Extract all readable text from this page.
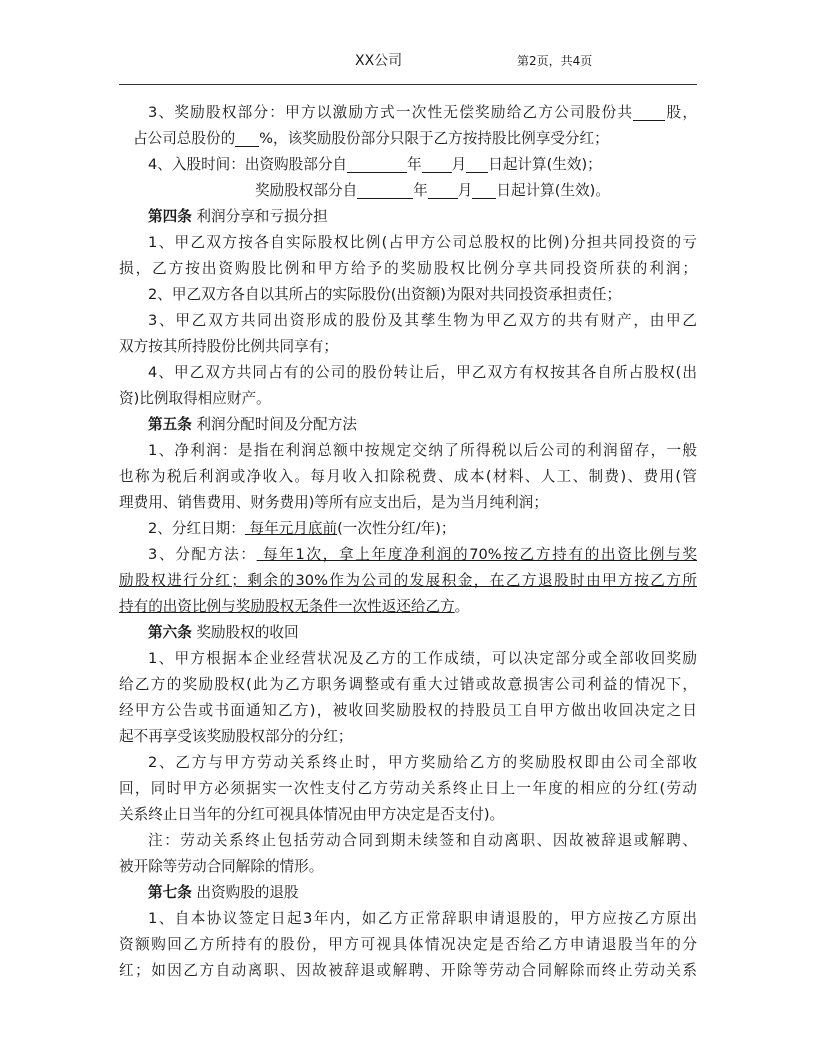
XX公司	第2页，共4页
3、奖励股权部分：甲方以激励方式一次性无偿奖励给乙方公司股份共 股，
占公司总股份的 %，该奖励股份部分只限于乙方按持股比例享受分红；
4、入股时间：出资购股部分自	年 月 日起计算(生效)；
奖励股权部分自	年 月 日起计算(生效)。
第四条 利润分享和亏损分担
1、甲乙双方按各自实际股权比例(占甲方公司总股权的比例)分担共同投资的亏
损，乙方按出资购股比例和甲方给予的奖励股权比例分享共同投资所获的利润；
2、甲乙双方各自以其所占的实际股份(出资额)为限对共同投资承担责任；
3、甲乙双方共同出资形成的股份及其孳生物为甲乙双方的共有财产，由甲乙
双方按其所持股份比例共同享有；
4、甲乙双方共同占有的公司的股份转让后，甲乙双方有权按其各自所占股权(出
资)比例取得相应财产。
第五条 利润分配时间及分配方法
1、净利润：是指在利润总额中按规定交纳了所得税以后公司的利润留存，一般
也称为税后利润或净收入。每月收入扣除税费、成本(材料、人工、制费)、费用(管
理费用、销售费用、财务费用)等所有应支出后，是为当月纯利润；
2、分红日期： 每年元月底前(一次性分红/年)；
3、分配方法： 每年1次，拿上年度净利润的70%按乙方持有的出资比例与奖
励股权进行分红；剩余的30%作为公司的发展积金，在乙方退股时由甲方按乙方所
持有的出资比例与奖励股权无条件一次性返还给乙方。
第六条 奖励股权的收回
1、甲方根据本企业经营状况及乙方的工作成绩，可以决定部分或全部收回奖励
给乙方的奖励股权(此为乙方职务调整或有重大过错或故意损害公司利益的情况下，
经甲方公告或书面通知乙方)，被收回奖励股权的持股员工自甲方做出收回决定之日
起不再享受该奖励股权部分的分红；
2、乙方与甲方劳动关系终止时，甲方奖励给乙方的奖励股权即由公司全部收
回，同时甲方必须据实一次性支付乙方劳动关系终止日上一年度的相应的分红(劳动
关系终止日当年的分红可视具体情况由甲方决定是否支付)。
注：劳动关系终止包括劳动合同到期未续签和自动离职、因故被辞退或解聘、
被开除等劳动合同解除的情形。
第七条 出资购股的退股
1、自本协议签定日起3年内，如乙方正常辞职申请退股的，甲方应按乙方原出
资额购回乙方所持有的股份，甲方可视具体情况决定是否给乙方申请退股当年的分
红；如因乙方自动离职、因故被辞退或解聘、开除等劳动合同解除而终止劳动关系
